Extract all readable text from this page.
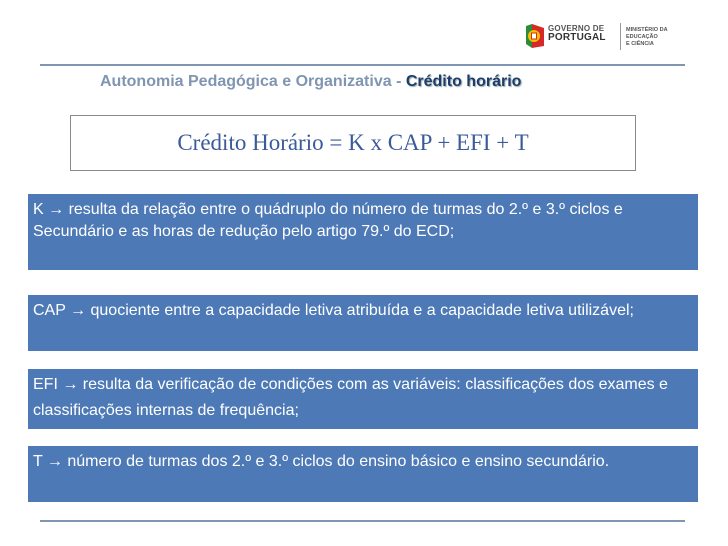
GOVERNO DE
PORTUGAL
MINISTÉRIO DA EDUCAÇÃO
E CIÊNCIA
Autonomia Pedagógica e Organizativa - Crédito horário
Crédito Horário = K x CAP + EFI + T
K → resulta da relação entre o quádruplo do número de turmas do 2.º e 3.º ciclos e Secundário e as horas de redução pelo artigo 79.º do ECD;
CAP → quociente entre a capacidade letiva atribuída e a capacidade letiva utilizável;
EFI → resulta da verificação de condições com as variáveis: classificações dos exames e classificações internas de frequência;
T → número de turmas dos 2.º e 3.º ciclos do ensino básico e ensino secundário.
